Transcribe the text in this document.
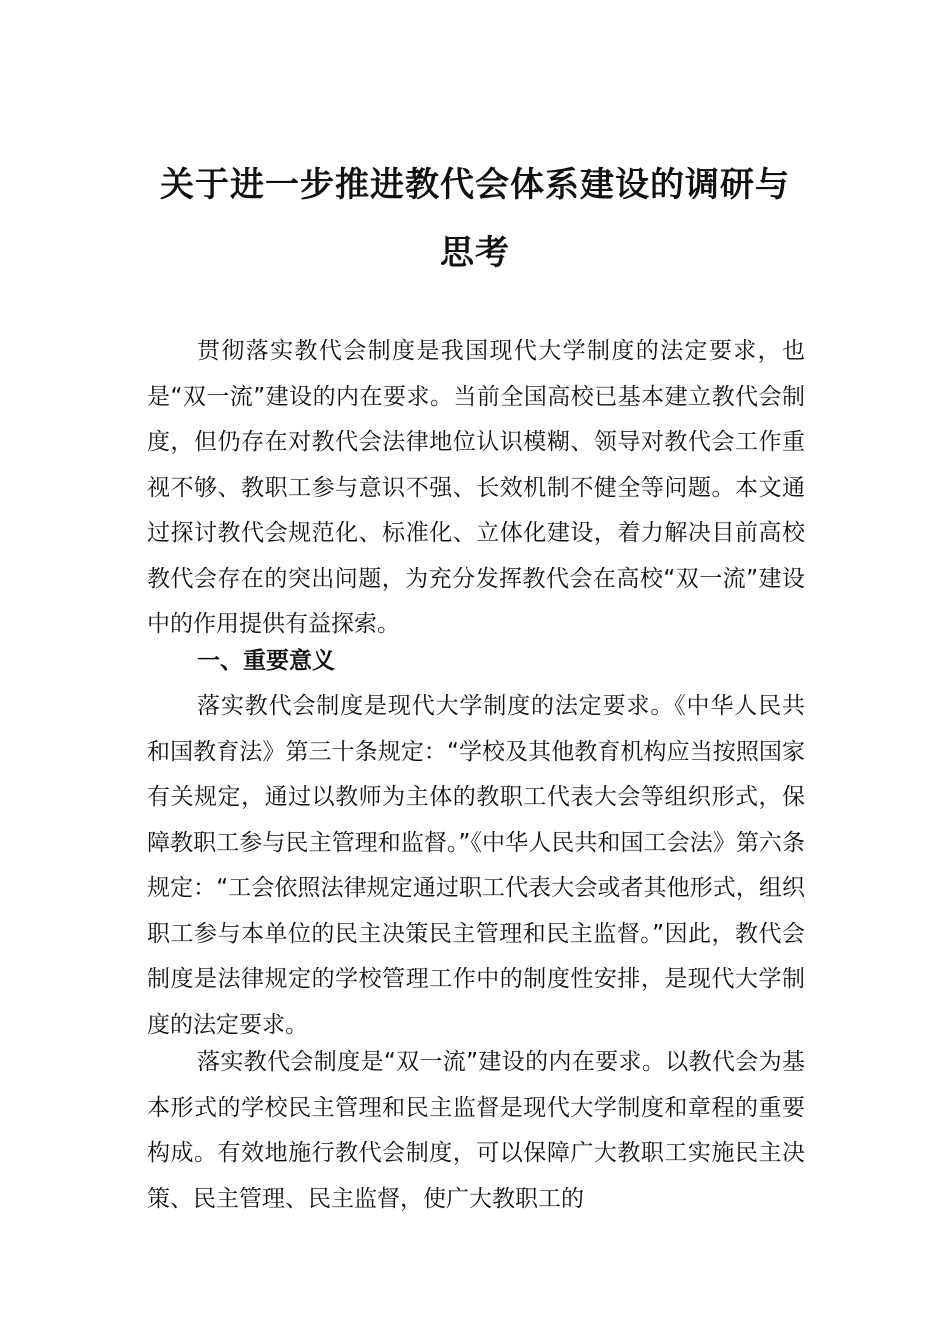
关于进一步推进教代会体系建设的调研与
思考

贯彻落实教代会制度是我国现代大学制度的法定要求，也是“双一流”建设的内在要求。当前全国高校已基本建立教代会制度，但仍存在对教代会法律地位认识模糊、领导对教代会工作重视不够、教职工参与意识不强、长效机制不健全等问题。本文通过探讨教代会规范化、标准化、立体化建设，着力解决目前高校教代会存在的突出问题，为充分发挥教代会在高校“双一流”建设中的作用提供有益探索。

一、重要意义

落实教代会制度是现代大学制度的法定要求。《中华人民共和国教育法》第三十条规定：“学校及其他教育机构应当按照国家有关规定，通过以教师为主体的教职工代表大会等组织形式，保障教职工参与民主管理和监督。”《中华人民共和国工会法》第六条规定：“工会依照法律规定通过职工代表大会或者其他形式，组织职工参与本单位的民主决策民主管理和民主监督。”因此，教代会制度是法律规定的学校管理工作中的制度性安排，是现代大学制度的法定要求。

落实教代会制度是“双一流”建设的内在要求。以教代会为基本形式的学校民主管理和民主监督是现代大学制度和章程的重要构成。有效地施行教代会制度，可以保障广大教职工实施民主决策、民主管理、民主监督，使广大教职工的
